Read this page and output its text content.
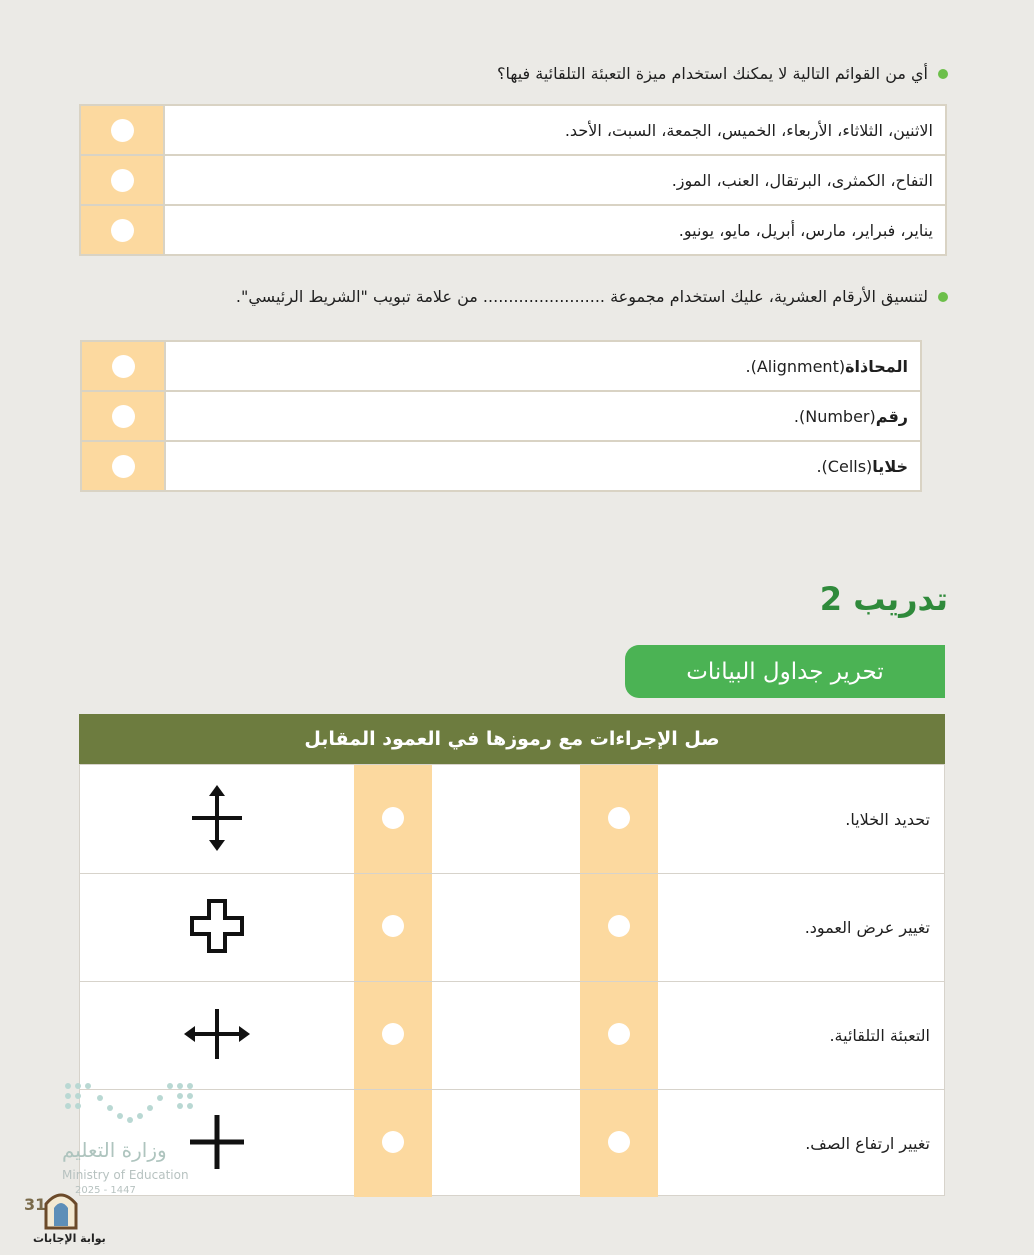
أي من القوائم التالية لا يمكنك استخدام ميزة التعبئة التلقائية فيها؟
الاثنين، الثلاثاء، الأربعاء، الخميس، الجمعة، السبت، الأحد.
التفاح، الكمثرى، البرتقال، العنب، الموز.
يناير، فبراير، مارس، أبريل، مايو، يونيو.
لتنسيق الأرقام العشرية، عليك استخدام مجموعة ........................ من علامة تبويب "الشريط الرئيسي".
المحاذاة
(Alignment).
رقم
(Number).
خلايا
(Cells).
تدريب 2
تحرير جداول البيانات
صل الإجراءات مع رموزها في العمود المقابل
تحديد الخلايا.
تغيير عرض العمود.
التعبئة التلقائية.
تغيير ارتفاع الصف.
وزارة التعليم
Ministry of Education
2025 - 1447
31
بوابة الإجابات
